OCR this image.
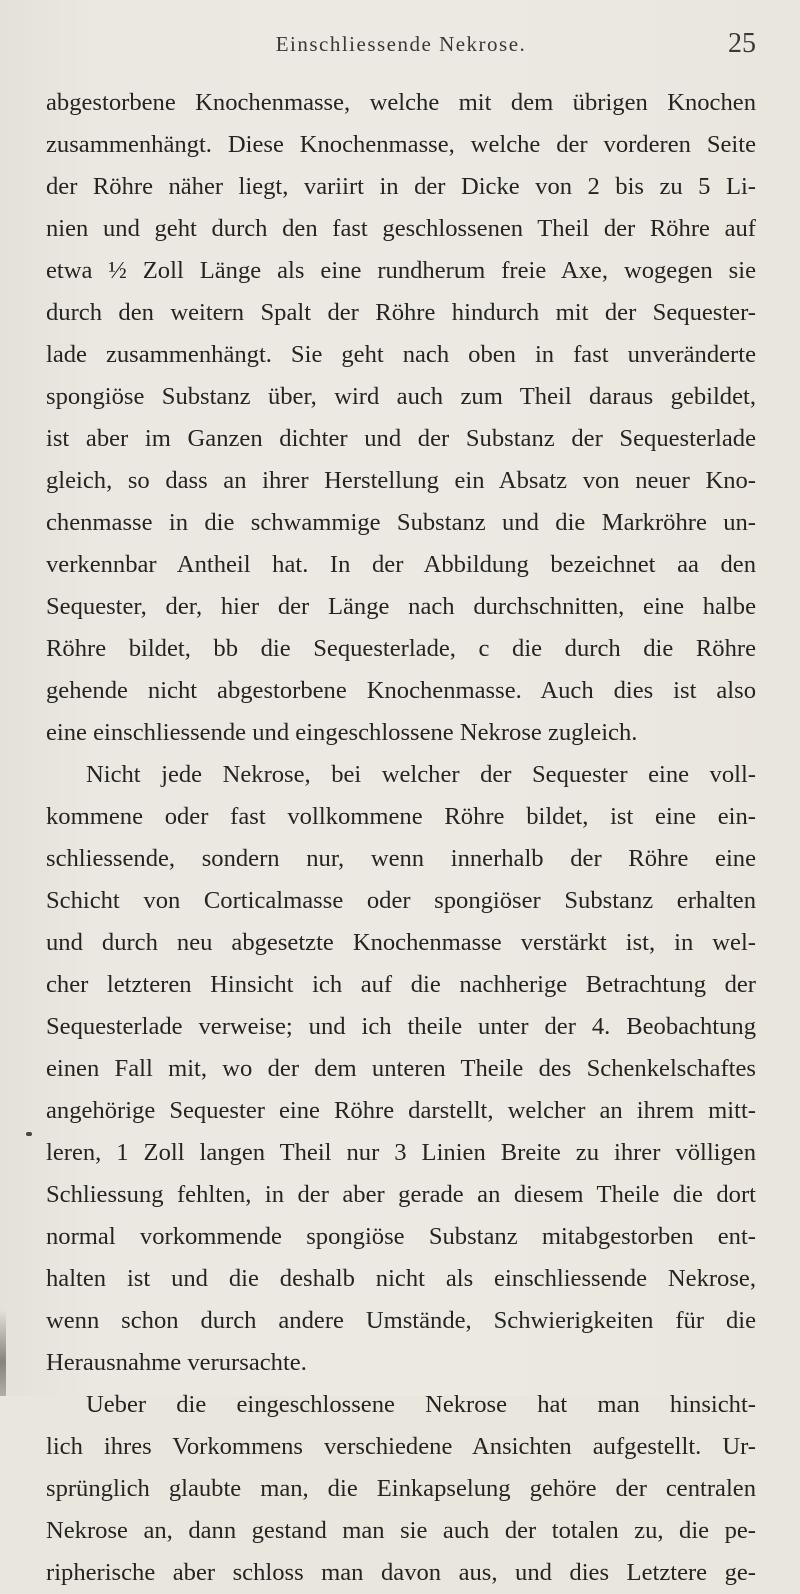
Einschliessende Nekrose.	25
abgestorbene Knochenmasse, welche mit dem übrigen Knochen
zusammenhängt. Diese Knochenmasse, welche der vorderen Seite
der Röhre näher liegt, variirt in der Dicke von 2 bis zu 5 Li-
nien und geht durch den fast geschlossenen Theil der Röhre auf
etwa ½ Zoll Länge als eine rundherum freie Axe, wogegen sie
durch den weitern Spalt der Röhre hindurch mit der Sequester-
lade zusammenhängt. Sie geht nach oben in fast unveränderte
spongiöse Substanz über, wird auch zum Theil daraus gebildet,
ist aber im Ganzen dichter und der Substanz der Sequesterlade
gleich, so dass an ihrer Herstellung ein Absatz von neuer Kno-
chenmasse in die schwammige Substanz und die Markröhre un-
verkennbar Antheil hat. In der Abbildung bezeichnet aa den
Sequester, der, hier der Länge nach durchschnitten, eine halbe
Röhre bildet, bb die Sequesterlade, c die durch die Röhre
gehende nicht abgestorbene Knochenmasse. Auch dies ist also
eine einschliessende und eingeschlossene Nekrose zugleich.
Nicht jede Nekrose, bei welcher der Sequester eine voll-
kommene oder fast vollkommene Röhre bildet, ist eine ein-
schliessende, sondern nur, wenn innerhalb der Röhre eine
Schicht von Corticalmasse oder spongiöser Substanz erhalten
und durch neu abgesetzte Knochenmasse verstärkt ist, in wel-
cher letzteren Hinsicht ich auf die nachherige Betrachtung der
Sequesterlade verweise; und ich theile unter der 4. Beobachtung
einen Fall mit, wo der dem unteren Theile des Schenkelschaftes
angehörige Sequester eine Röhre darstellt, welcher an ihrem mitt-
leren, 1 Zoll langen Theil nur 3 Linien Breite zu ihrer völligen
Schliessung fehlten, in der aber gerade an diesem Theile die dort
normal vorkommende spongiöse Substanz mitabgestorben ent-
halten ist und die deshalb nicht als einschliessende Nekrose,
wenn schon durch andere Umstände, Schwierigkeiten für die
Herausnahme verursachte.
Ueber die eingeschlossene Nekrose hat man hinsicht-
lich ihres Vorkommens verschiedene Ansichten aufgestellt. Ur-
sprünglich glaubte man, die Einkapselung gehöre der centralen
Nekrose an, dann gestand man sie auch der totalen zu, die pe-
ripherische aber schloss man davon aus, und dies Letztere ge-
